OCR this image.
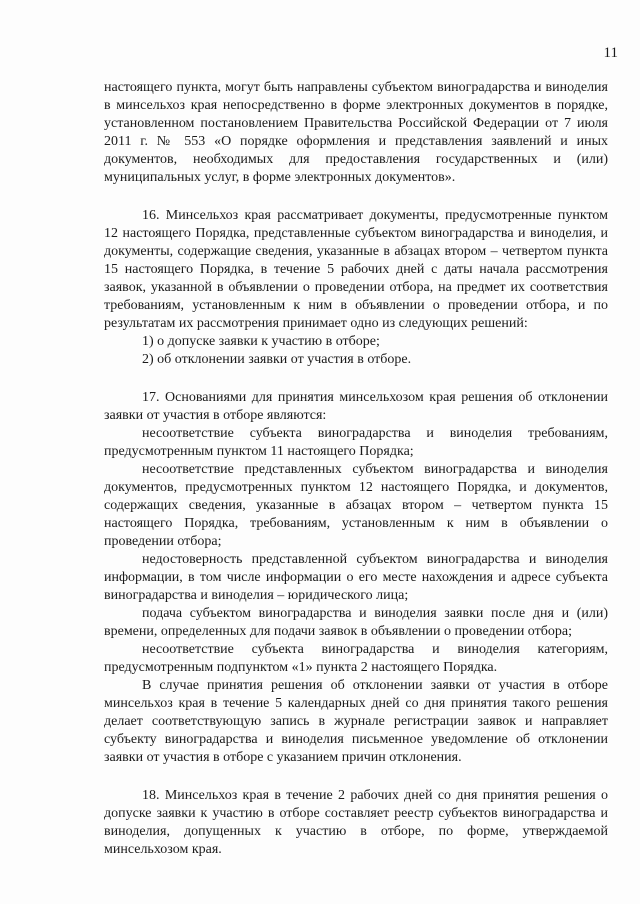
11

настоящего пункта, могут быть направлены субъектом виноградарства и виноделия в минсельхоз края непосредственно в форме электронных документов в порядке, установленном постановлением Правительства Российской Федерации от 7 июля 2011 г. № 553 «О порядке оформления и представления заявлений и иных документов, необходимых для предоставления государственных и (или) муниципальных услуг, в форме электронных документов».

16. Минсельхоз края рассматривает документы, предусмотренные пунктом 12 настоящего Порядка, представленные субъектом виноградарства и виноделия, и документы, содержащие сведения, указанные в абзацах втором – четвертом пункта 15 настоящего Порядка, в течение 5 рабочих дней с даты начала рассмотрения заявок, указанной в объявлении о проведении отбора, на предмет их соответствия требованиям, установленным к ним в объявлении о проведении отбора, и по результатам их рассмотрения принимает одно из следующих решений:

1) о допуске заявки к участию в отборе;

2) об отклонении заявки от участия в отборе.

17. Основаниями для принятия минсельхозом края решения об отклонении заявки от участия в отборе являются:

несоответствие субъекта виноградарства и виноделия требованиям, предусмотренным пунктом 11 настоящего Порядка;

несоответствие представленных субъектом виноградарства и виноделия документов, предусмотренных пунктом 12 настоящего Порядка, и документов, содержащих сведения, указанные в абзацах втором – четвертом пункта 15 настоящего Порядка, требованиям, установленным к ним в объявлении о проведении отбора;

недостоверность представленной субъектом виноградарства и виноделия информации, в том числе информации о его месте нахождения и адресе субъекта виноградарства и виноделия – юридического лица;

подача субъектом виноградарства и виноделия заявки после дня и (или) времени, определенных для подачи заявок в объявлении о проведении отбора;

несоответствие субъекта виноградарства и виноделия категориям, предусмотренным подпунктом «1» пункта 2 настоящего Порядка.

В случае принятия решения об отклонении заявки от участия в отборе минсельхоз края в течение 5 календарных дней со дня принятия такого решения делает соответствующую запись в журнале регистрации заявок и направляет субъекту виноградарства и виноделия письменное уведомление об отклонении заявки от участия в отборе с указанием причин отклонения.

18. Минсельхоз края в течение 2 рабочих дней со дня принятия решения о допуске заявки к участию в отборе составляет реестр субъектов виноградарства и виноделия, допущенных к участию в отборе, по форме, утверждаемой минсельхозом края.
